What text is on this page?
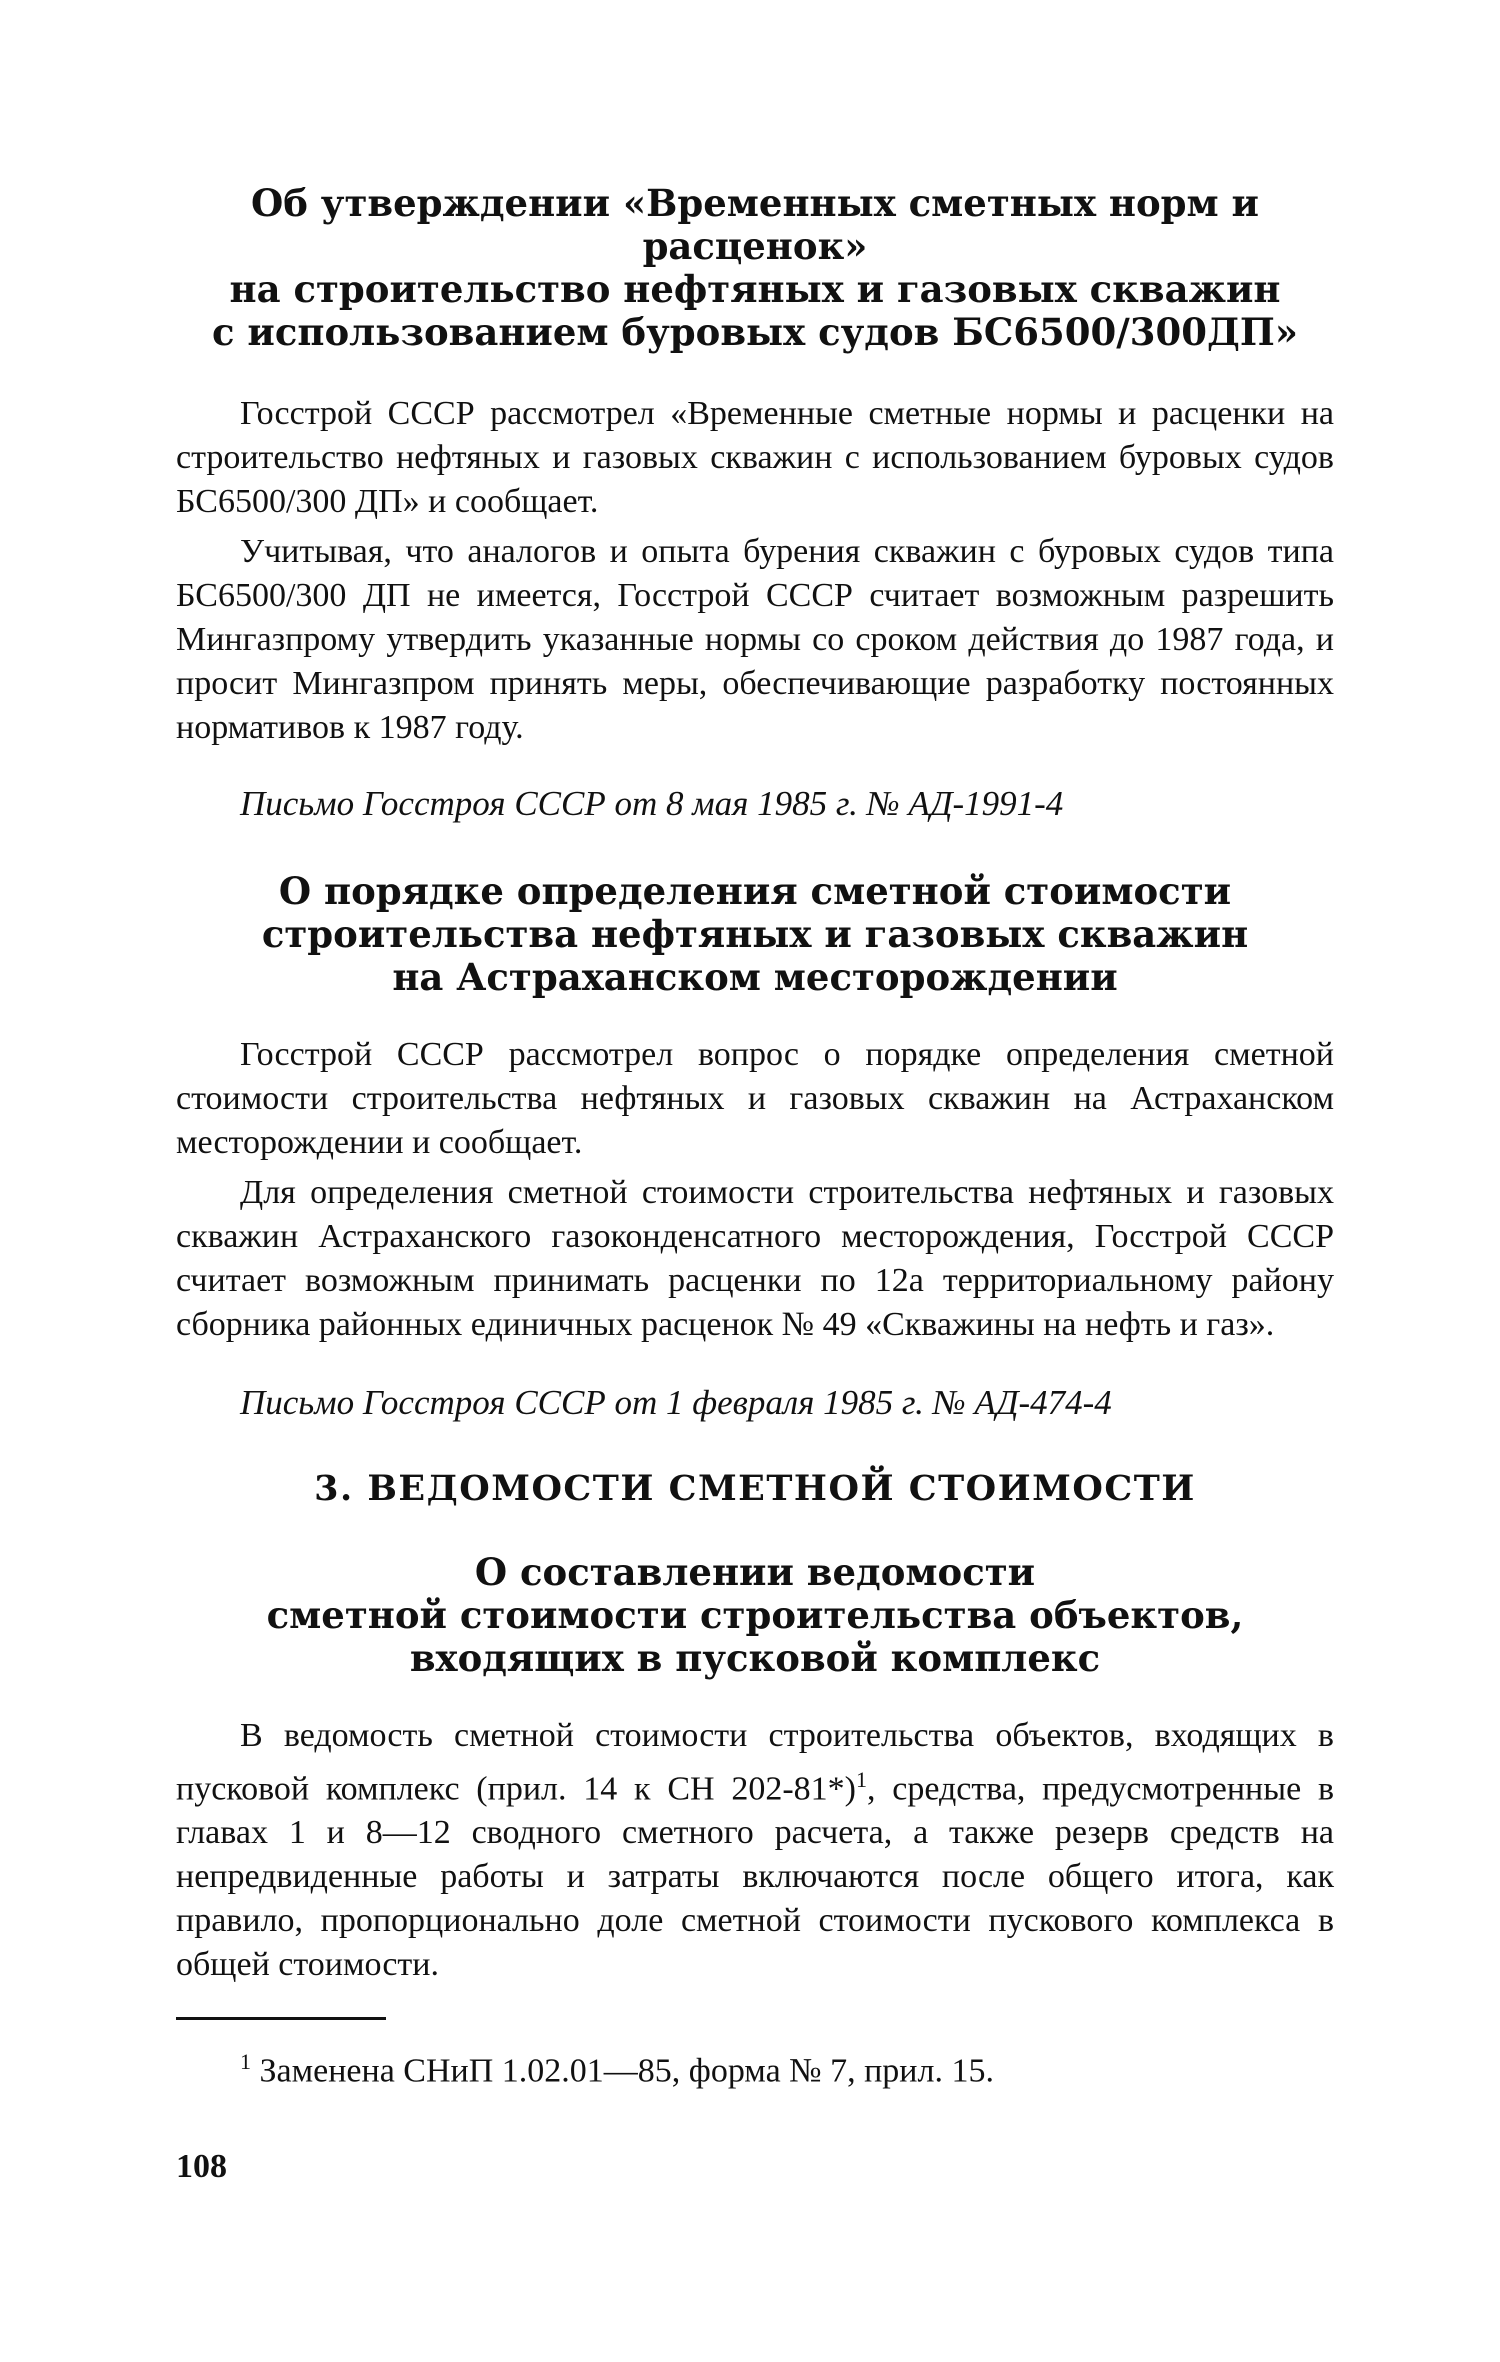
Об утверждении «Временных сметных норм и расценок»
на строительство нефтяных и газовых скважин
с использованием буровых судов БС6500/300ДП»

Госстрой СССР рассмотрел «Временные сметные нормы и расценки на строительство нефтяных и газовых скважин с использованием буровых судов БС6500/300 ДП» и сообщает.

Учитывая, что аналогов и опыта бурения скважин с буровых судов типа БС6500/300 ДП не имеется, Госстрой СССР считает возможным разрешить Мингазпрому утвердить указанные нормы со сроком действия до 1987 года, и просит Мингазпром принять меры, обеспечивающие разработку постоянных нормативов к 1987 году.

Письмо Госстроя СССР от 8 мая 1985 г. № АД-1991-4

О порядке определения сметной стоимости
строительства нефтяных и газовых скважин
на Астраханском месторождении

Госстрой СССР рассмотрел вопрос о порядке определения сметной стоимости строительства нефтяных и газовых скважин на Астраханском месторождении и сообщает.

Для определения сметной стоимости строительства нефтяных и газовых скважин Астраханского газоконденсатного месторождения, Госстрой СССР считает возможным принимать расценки по 12а территориальному району сборника районных единичных расценок № 49 «Скважины на нефть и газ».

Письмо Госстроя СССР от 1 февраля 1985 г. № АД-474-4

3. ВЕДОМОСТИ СМЕТНОЙ СТОИМОСТИ

О составлении ведомости
сметной стоимости строительства объектов,
входящих в пусковой комплекс

В ведомость сметной стоимости строительства объектов, входящих в пусковой комплекс (прил. 14 к СН 202-81*)$^1$, средства, предусмотренные в главах 1 и 8—12 сводного сметного расчета, а также резерв средств на непредвиденные работы и затраты включаются после общего итога, как правило, пропорционально доле сметной стоимости пускового комплекса в общей стоимости.

$^1$ Заменена СНиП 1.02.01—85, форма № 7, прил. 15.

108
